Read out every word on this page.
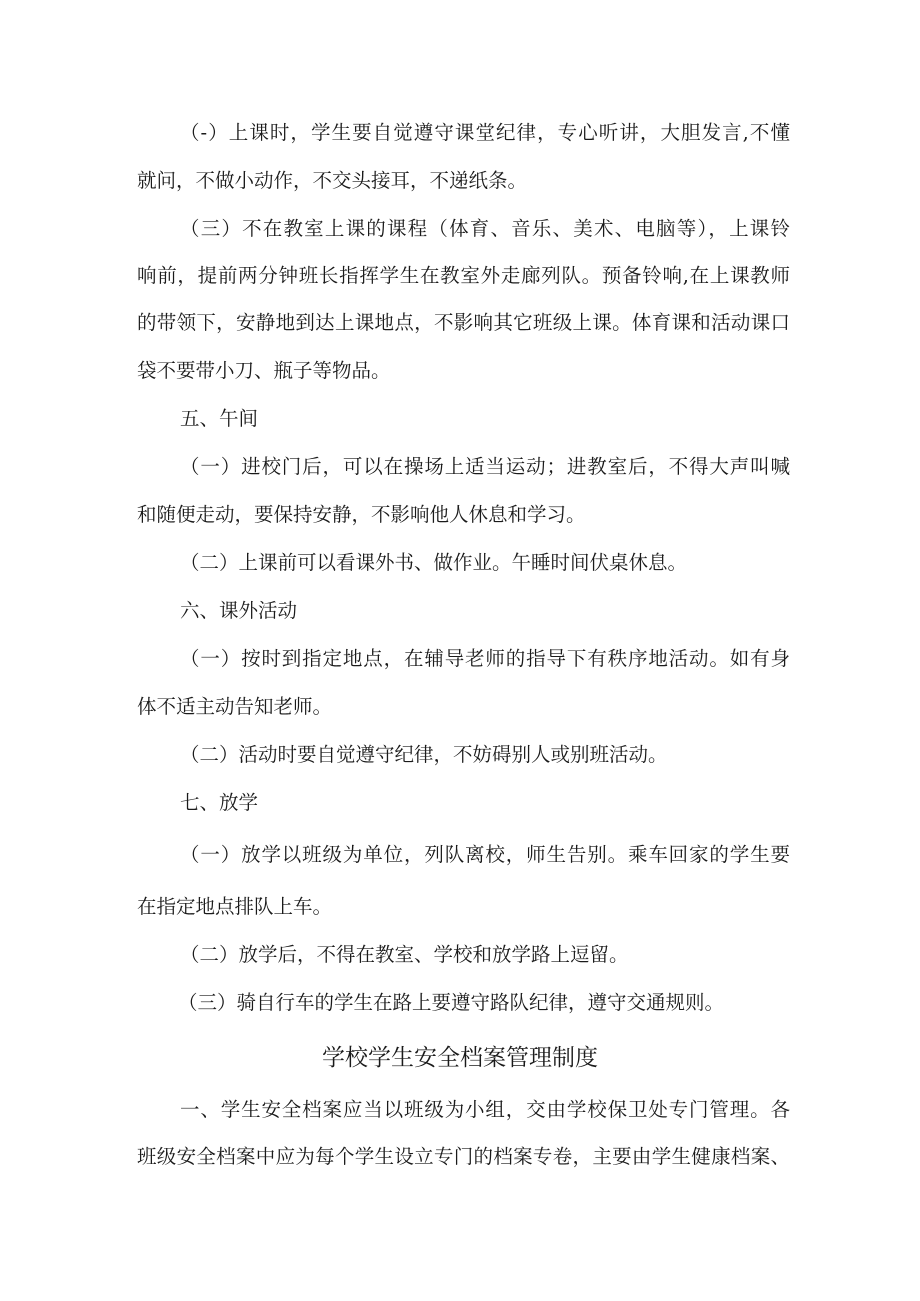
（-）上课时，学生要自觉遵守课堂纪律，专心听讲，大胆发言,不懂
就问，不做小动作，不交头接耳，不递纸条。
（三）不在教室上课的课程（体育、音乐、美术、电脑等），上课铃
响前，提前两分钟班长指挥学生在教室外走廊列队。预备铃响,在上课教师
的带领下，安静地到达上课地点，不影响其它班级上课。体育课和活动课口
袋不要带小刀、瓶子等物品。
五、午间
（一）进校门后，可以在操场上适当运动；进教室后，不得大声叫喊
和随便走动，要保持安静，不影响他人休息和学习。
（二）上课前可以看课外书、做作业。午睡时间伏桌休息。
六、课外活动
（一）按时到指定地点，在辅导老师的指导下有秩序地活动。如有身
体不适主动告知老师。
（二）活动时要自觉遵守纪律，不妨碍别人或别班活动。
七、放学
（一）放学以班级为单位，列队离校，师生告别。乘车回家的学生要
在指定地点排队上车。
（二）放学后，不得在教室、学校和放学路上逗留。
（三）骑自行车的学生在路上要遵守路队纪律，遵守交通规则。
学校学生安全档案管理制度
一、学生安全档案应当以班级为小组，交由学校保卫处专门管理。各
班级安全档案中应为每个学生设立专门的档案专卷，主要由学生健康档案、
